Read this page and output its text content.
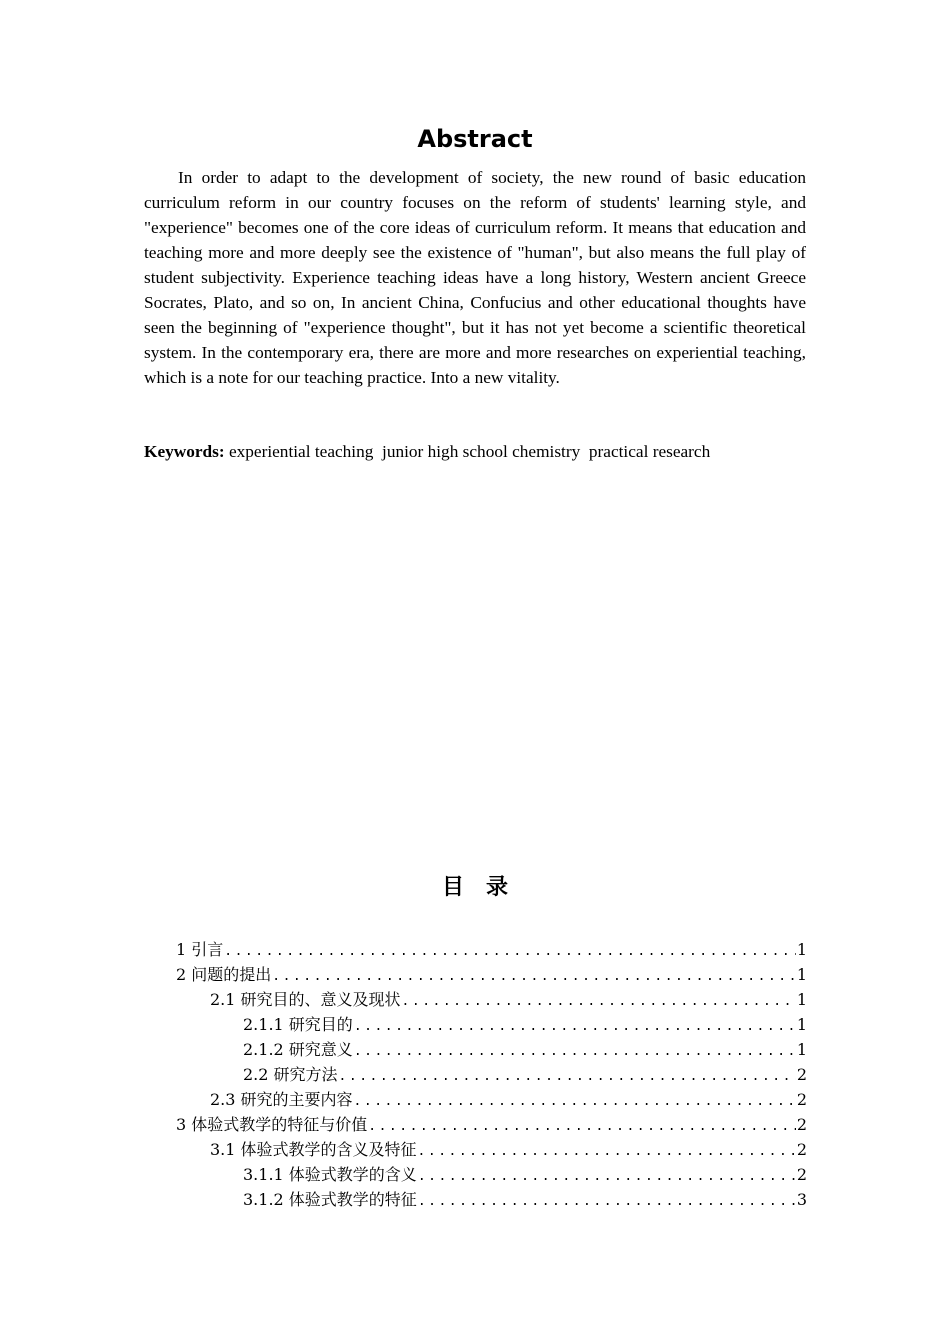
Abstract

In order to adapt to the development of society, the new round of basic education curriculum reform in our country focuses on the reform of students' learning style, and "experience" becomes one of the core ideas of curriculum reform. It means that education and teaching more and more deeply see the existence of "human", but also means the full play of student subjectivity. Experience teaching ideas have a long history, Western ancient Greece Socrates, Plato, and so on, In ancient China, Confucius and other educational thoughts have seen the beginning of "experience thought", but it has not yet become a scientific theoretical system. In the contemporary era, there are more and more researches on experiential teaching, which is a note for our teaching practice. Into a new vitality.

Keywords: experiential teaching  junior high school chemistry  practical research

目　录
1 引言 .....	1
2 问题的提出 .....	1
2.1 研究目的、意义及现状 .....	1
2.1.1 研究目的 .....	1
2.1.2 研究意义 .....	1
2.2 研究方法 .....	2
2.3 研究的主要内容 .....	2
3 体验式教学的特征与价值 .....	2
3.1 体验式教学的含义及特征 .....	2
3.1.1 体验式教学的含义 .....	2
3.1.2 体验式教学的特征 .....	3
